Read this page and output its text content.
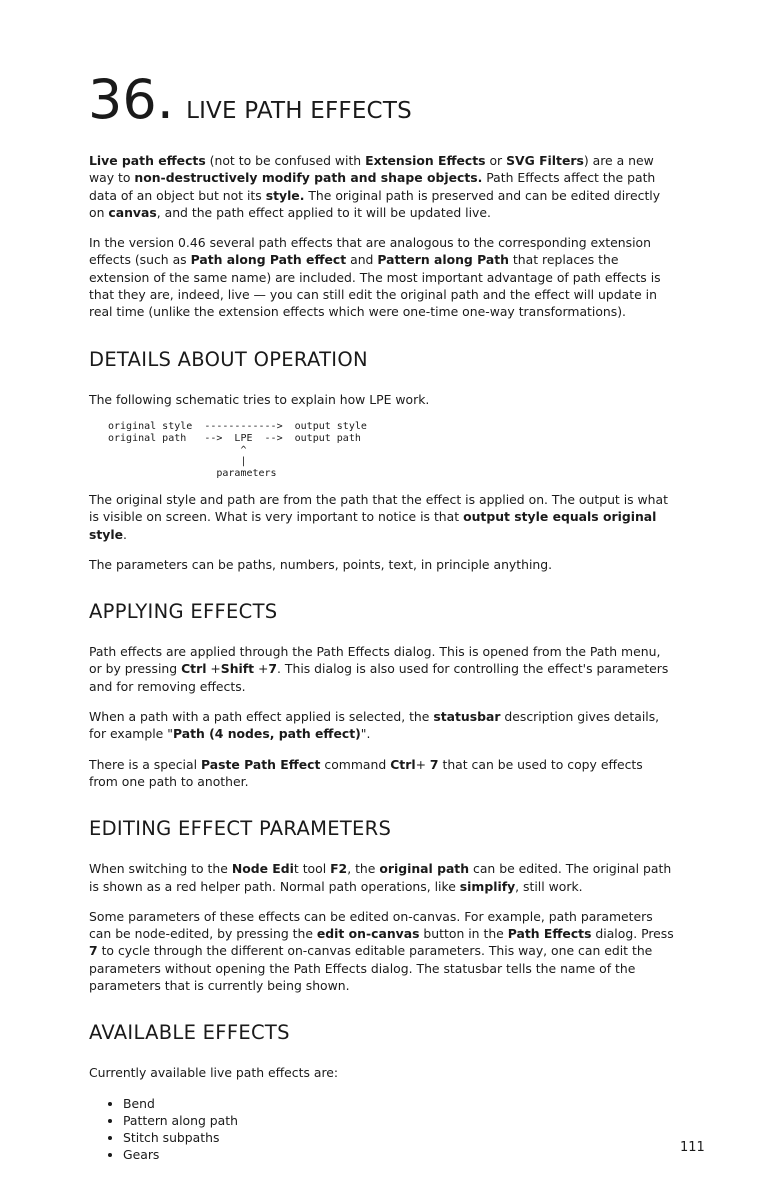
36. LIVE PATH EFFECTS

Live path effects (not to be confused with Extension Effects or SVG Filters) are a new way to non-destructively modify path and shape objects. Path Effects affect the path data of an object but not its style. The original path is preserved and can be edited directly on canvas, and the path effect applied to it will be updated live.

In the version 0.46 several path effects that are analogous to the corresponding extension effects (such as Path along Path effect and Pattern along Path that replaces the extension of the same name) are included. The most important advantage of path effects is that they are, indeed, live — you can still edit the original path and the effect will update in real time (unlike the extension effects which were one-time one-way transformations).

DETAILS ABOUT OPERATION

The following schematic tries to explain how LPE work.

original style  ------------>  output style
original path   -->  LPE  -->  output path
^
|
parameters

The original style and path are from the path that the effect is applied on. The output is what is visible on screen. What is very important to notice is that output style equals original style.

The parameters can be paths, numbers, points, text, in principle anything.

APPLYING EFFECTS

Path effects are applied through the Path Effects dialog. This is opened from the Path menu, or by pressing Ctrl +Shift +7. This dialog is also used for controlling the effect's parameters and for removing effects.

When a path with a path effect applied is selected, the statusbar description gives details, for example "Path (4 nodes, path effect)".

There is a special Paste Path Effect command Ctrl+ 7 that can be used to copy effects from one path to another.

EDITING EFFECT PARAMETERS

When switching to the Node Edit tool F2, the original path can be edited. The original path is shown as a red helper path. Normal path operations, like simplify, still work.

Some parameters of these effects can be edited on-canvas. For example, path parameters can be node-edited, by pressing the edit on-canvas button in the Path Effects dialog. Press 7 to cycle through the different on-canvas editable parameters. This way, one can edit the parameters without opening the Path Effects dialog. The statusbar tells the name of the parameters that is currently being shown.

AVAILABLE EFFECTS

Currently available live path effects are:

• Bend
• Pattern along path
• Stitch subpaths
• Gears	111
